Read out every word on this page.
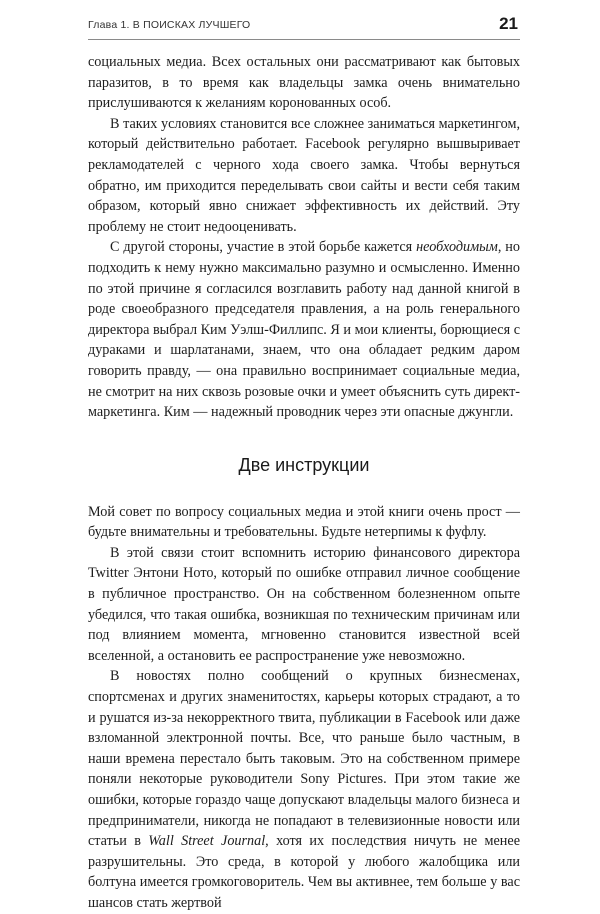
Глава 1. В ПОИСКАХ ЛУЧШЕГО	21

социальных медиа. Всех остальных они рассматривают как бытовых паразитов, в то время как владельцы замка очень внимательно прислушиваются к желаниям коронованных особ.

В таких условиях становится все сложнее заниматься маркетингом, который действительно работает. Facebook регулярно вышвыривает рекламодателей с черного хода своего замка. Чтобы вернуться обратно, им приходится переделывать свои сайты и вести себя таким образом, который явно снижает эффективность их действий. Эту проблему не стоит недооценивать.

С другой стороны, участие в этой борьбе кажется необходимым, но подходить к нему нужно максимально разумно и осмысленно. Именно по этой причине я согласился возглавить работу над данной книгой в роде своеобразного председателя правления, а на роль генерального директора выбрал Ким Уэлш-Филлипс. Я и мои клиенты, борющиеся с дураками и шарлатанами, знаем, что она обладает редким даром говорить правду, — она правильно воспринимает социальные медиа, не смотрит на них сквозь розовые очки и умеет объяснить суть директ-маркетинга. Ким — надежный проводник через эти опасные джунгли.

Две инструкции

Мой совет по вопросу социальных медиа и этой книги очень прост — будьте внимательны и требовательны. Будьте нетерпимы к фуфлу.

В этой связи стоит вспомнить историю финансового директора Twitter Энтони Ното, который по ошибке отправил личное сообщение в публичное пространство. Он на собственном болезненном опыте убедился, что такая ошибка, возникшая по техническим причинам или под влиянием момента, мгновенно становится известной всей вселенной, а остановить ее распространение уже невозможно.

В новостях полно сообщений о крупных бизнесменах, спортсменах и других знаменитостях, карьеры которых страдают, а то и рушатся из-за некорректного твита, публикации в Facebook или даже взломанной электронной почты. Все, что раньше было частным, в наши времена перестало быть таковым. Это на собственном примере поняли некоторые руководители Sony Pictures. При этом такие же ошибки, которые гораздо чаще допускают владельцы малого бизнеса и предприниматели, никогда не попадают в телевизионные новости или статьи в Wall Street Journal, хотя их последствия ничуть не менее разрушительны. Это среда, в которой у любого жалобщика или болтуна имеется громкоговоритель. Чем вы активнее, тем больше у вас шансов стать жертвой
